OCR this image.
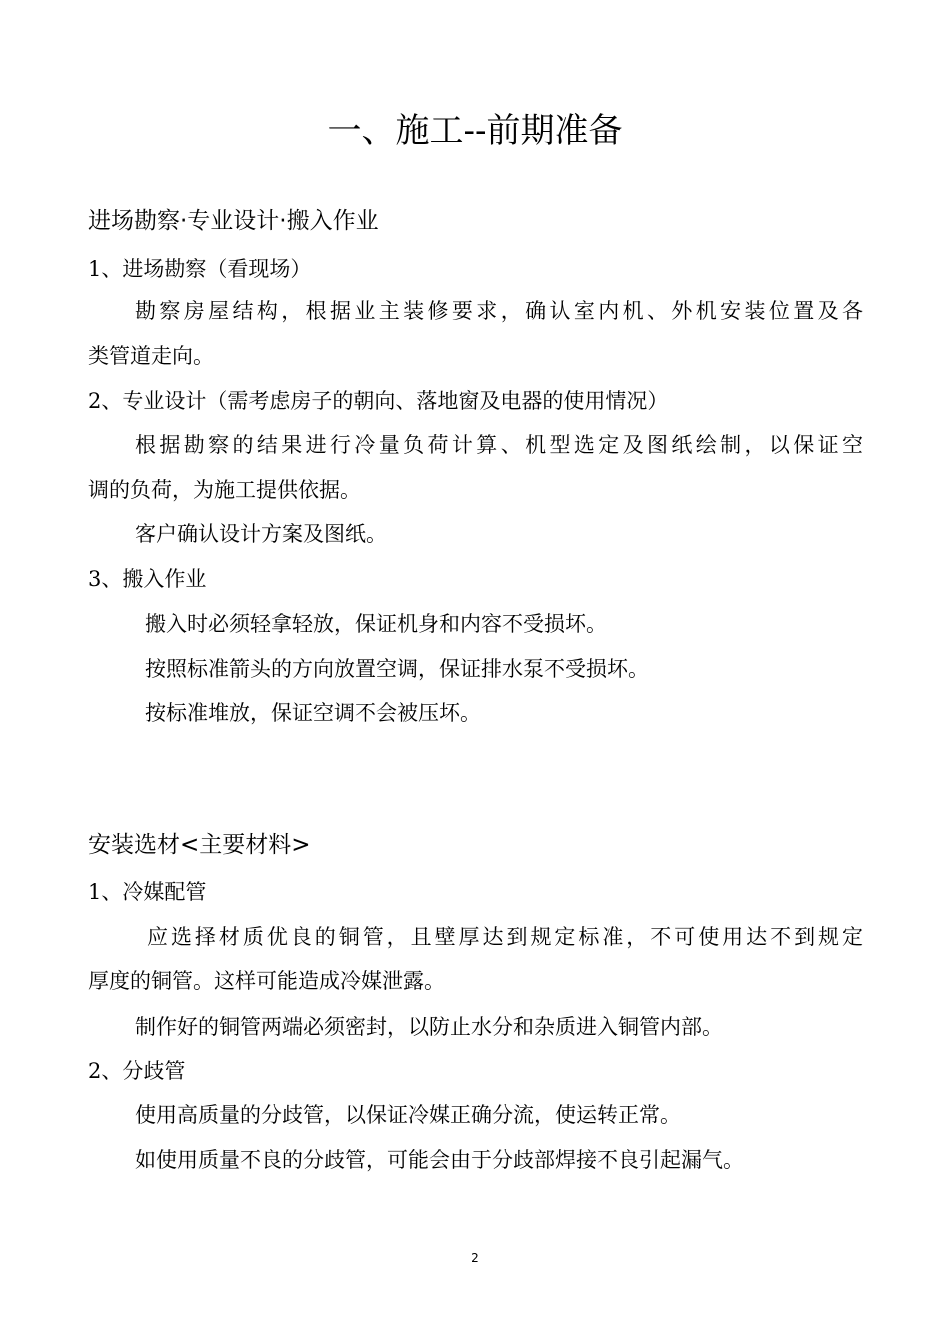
一、施工--前期准备
进场勘察·专业设计·搬入作业

1、进场勘察（看现场）

勘察房屋结构，根据业主装修要求，确认室内机、外机安装位置及各

类管道走向。

2、专业设计（需考虑房子的朝向、落地窗及电器的使用情况）

根据勘察的结果进行冷量负荷计算、机型选定及图纸绘制，以保证空

调的负荷，为施工提供依据。

客户确认设计方案及图纸。

3、搬入作业

搬入时必须轻拿轻放，保证机身和内容不受损坏。

按照标准箭头的方向放置空调，保证排水泵不受损坏。

按标准堆放，保证空调不会被压坏。

安装选材<主要材料>

1、冷媒配管

应选择材质优良的铜管，且壁厚达到规定标准，不可使用达不到规定

厚度的铜管。这样可能造成冷媒泄露。

制作好的铜管两端必须密封，以防止水分和杂质进入铜管内部。

2、分歧管

使用高质量的分歧管，以保证冷媒正确分流，使运转正常。

如使用质量不良的分歧管，可能会由于分歧部焊接不良引起漏气。

2
